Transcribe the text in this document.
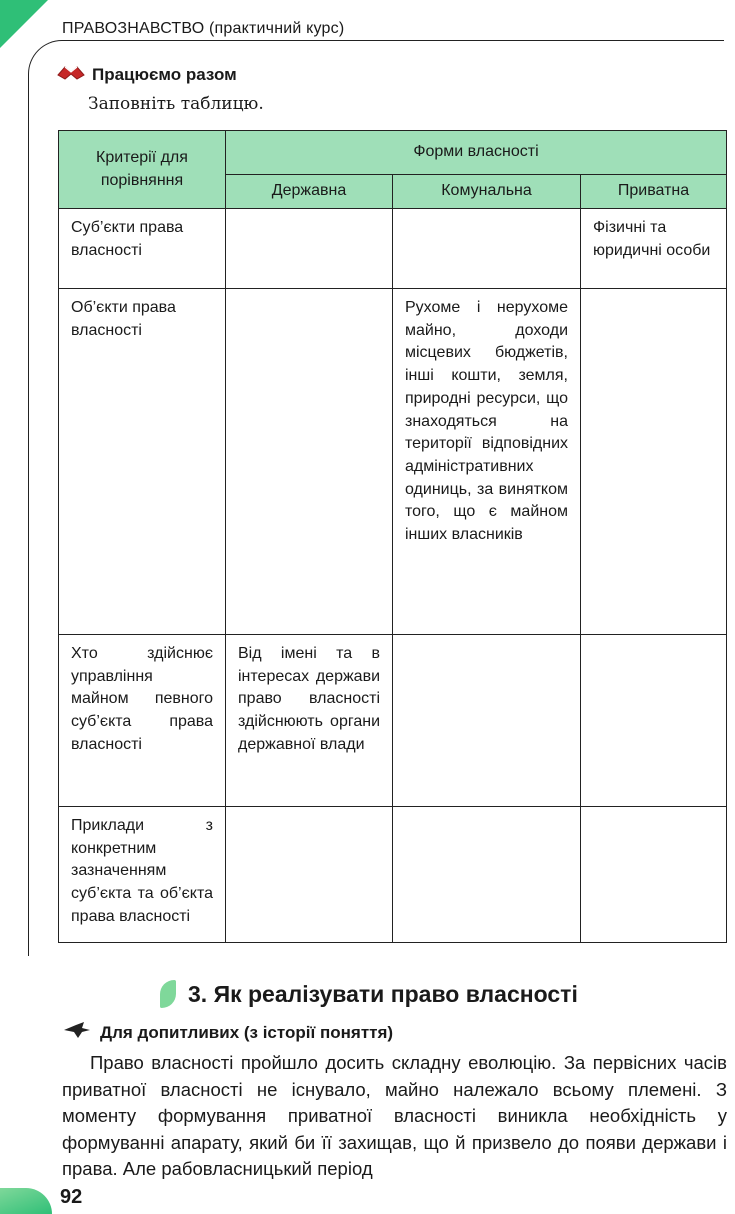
ПРАВОЗНАВСТВО (практичний курс)
Працюємо разом
Заповніть таблицю.
Критерії для порівняння	Форми власності		
	Державна	Комунальна	Приватна
Суб’єкти права власності			Фізичні та юридичні особи
Об’єкти права власності		Рухоме і нерухоме майно, доходи місцевих бюджетів, інші кошти, земля, природні ресурси, що знаходяться на території відповідних адміністративних одиниць, за винятком того, що є майном інших власників	
Хто здійснює управління майном певного суб’єкта права власності	Від імені та в інтересах держави право власності здійснюють органи державної влади		
Приклади з конкретним зазначенням суб’єкта та об’єкта права власності			
3. Як реалізувати право власності
Для допитливих (з історії поняття)

Право власності пройшло досить складну еволюцію. За первісних часів приватної власності не існувало, майно належало всьому племені. З моменту формування приватної власності виникла необхідність у формуванні апарату, який би її захищав, що й призвело до появи держави і права. Але рабовласницький період

92
